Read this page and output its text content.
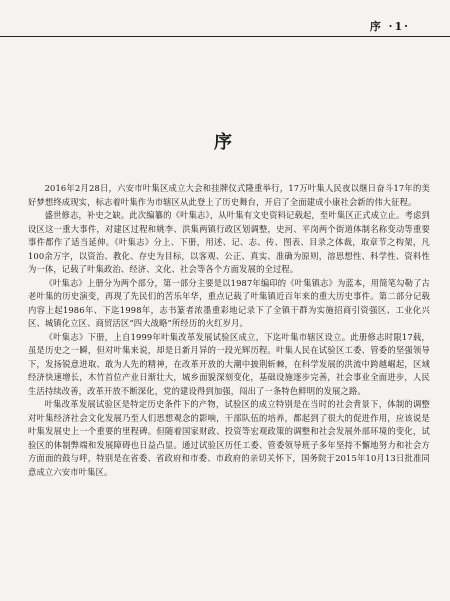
序 ·1·
序

2016年2月28日，六安市叶集区成立大会和挂牌仪式隆重举行，17万叶集人民夜以继日奋斗17年的美好梦想终成现实，标志着叶集作为市辖区从此登上了历史舞台，开启了全面建成小康社会新的伟大征程。

盛世修志，补史之缺。此次编纂的《叶集志》，从叶集有文史资料记载起，至叶集区正式成立止。考虑到设区这一重大事件，对建区过程和姚李、洪集两镇行政区划调整，史河、平岗两个街道体制名称变动等重要事件都作了适当延伸。《叶集志》分上、下册，用述、记、志、传、图表、目录之体裁，取章节之构架，凡100余万字，以资治、教化、存史为目标，以客观、公正、真实、准确为原则，溶思想性、科学性、资料性为一体，记载了叶集政治、经济、文化、社会等各个方面发展的全过程。

《叶集志》上册分为两个部分，第一部分主要是以1987年编印的《叶集镇志》为蓝本，用简笔勾勒了古老叶集的历史演变，再现了先民们的苦乐年华，重点记载了叶集镇近百年来的重大历史事件。第二部分记载内容上起1986年、下迄1998年，志书篆者浓墨重彩地记录下了全镇干群为实施招商引资强区、工业化兴区、城镇化立区、商贸活区“四大战略”所经历的火红岁月。

《叶集志》下册，上自1999年叶集改革发展试验区成立，下迄叶集市辖区设立。此册修志时限17载，虽是历史之一瞬，但对叶集来说，却是日新月异的一段光辉历程。叶集人民在试验区工委、管委的坚强领导下，发扬锐意进取、敢为人先的精神，在改革开放的大潮中披荆斩棘，在科学发展的洪流中跨越崛起，区域经济快速增长，木竹首位产业日渐壮大，城乡面貌深刻变化，基础设施逐步完善，社会事业全面进步，人民生活持续改善，改革开放不断深化，党的建设得到加强，闯出了一条特色鲜明的发展之路。

叶集改革发展试验区是特定历史条件下的产物，试验区的成立特别是在当时的社会背景下，体制的调整对叶集经济社会文化发展乃至人们思想观念的影响，干部队伍的培养，都起到了很大的促进作用，应该说是叶集发展史上一个重要的里程碑。但随着国家财政、投资等宏观政策的调整和社会发展外部环境的变化，试验区的体制弊端和发展障碍也日益凸显。通过试验区历任工委、管委领导班子多年坚持不懈地努力和社会方方面面的鼓与呼，特别是在省委、省政府和市委、市政府的亲切关怀下，国务院于2015年10月13日批准同意成立六安市叶集区。
